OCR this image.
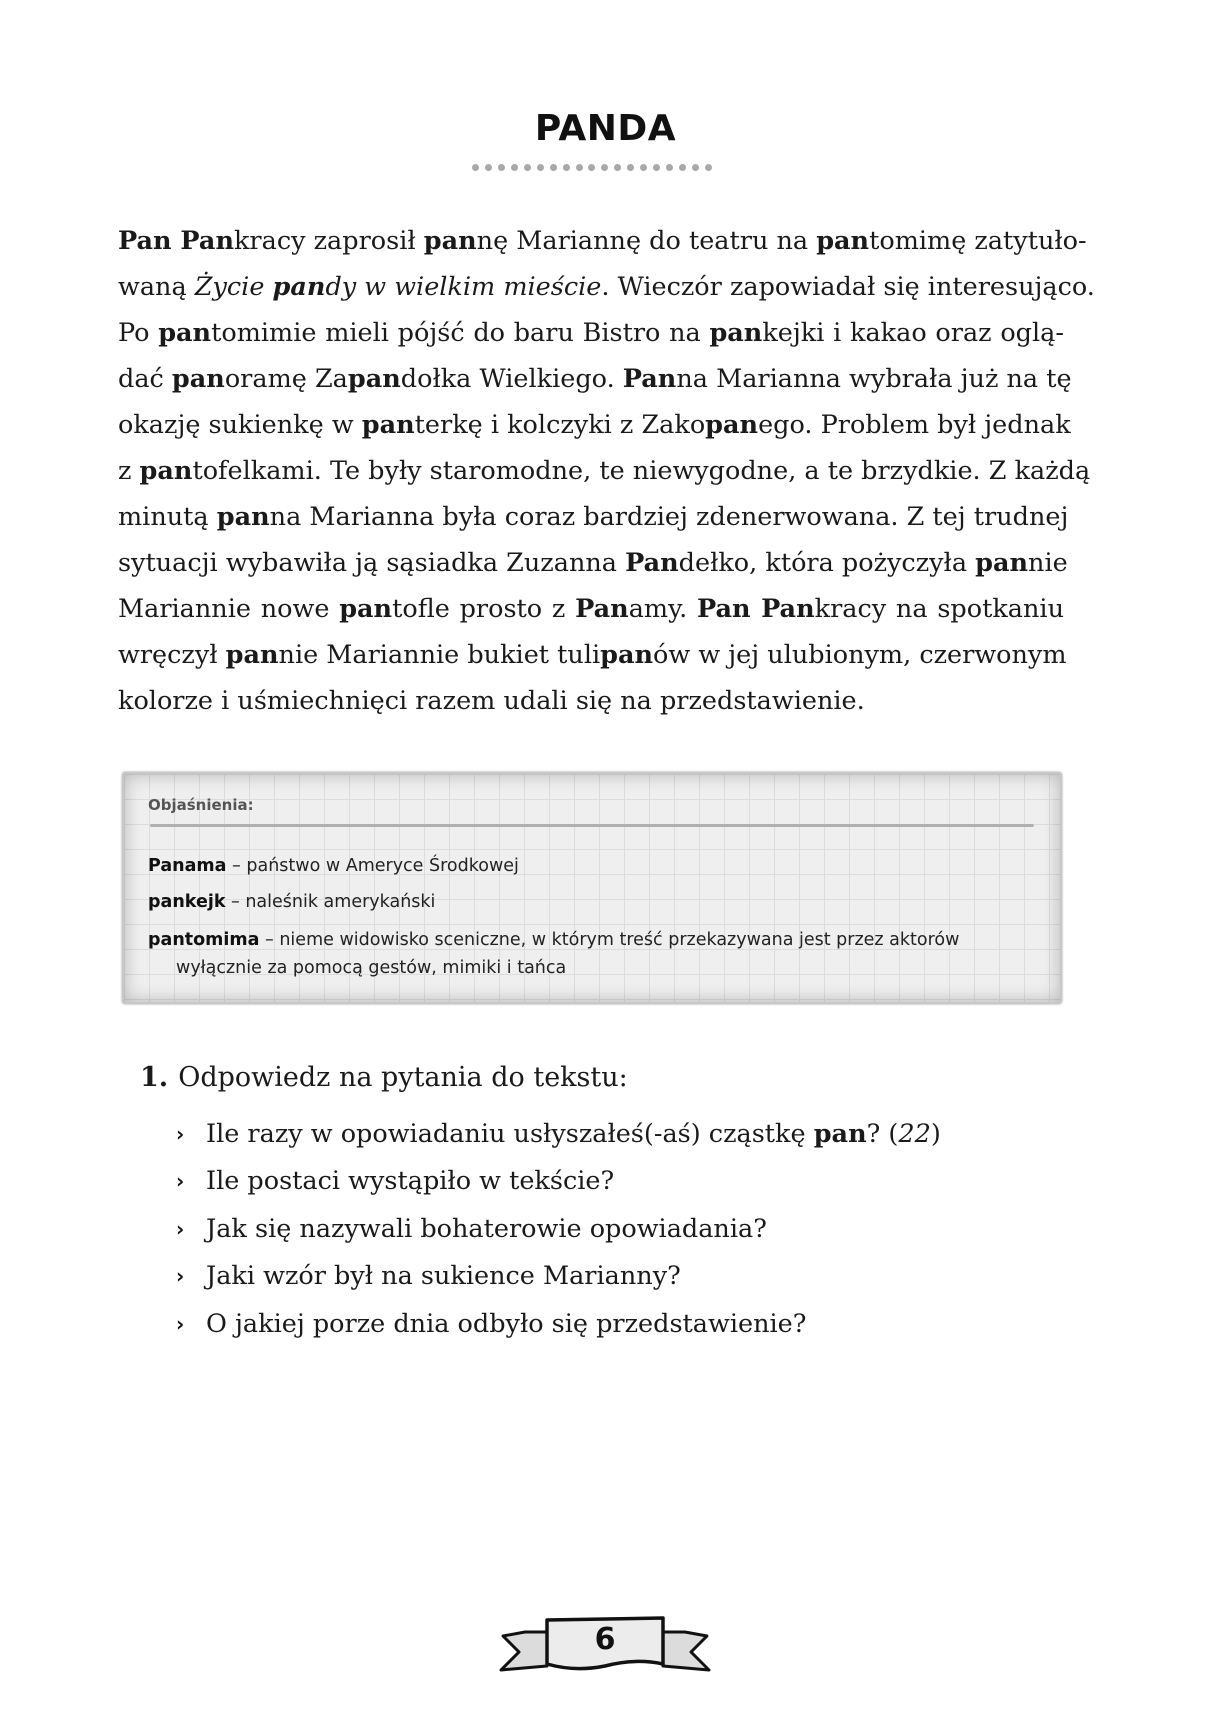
PANDA
Pan Pankracy zaprosił pannę Mariannę do teatru na pantomimę zatytuło-
waną Życie pandy w wielkim mieście. Wieczór zapowiadał się interesująco.
Po pantomimie mieli pójść do baru Bistro na pankejki i kakao oraz oglą-
dać panoramę Zapandołka Wielkiego. Panna Marianna wybrała już na tę
okazję sukienkę w panterkę i kolczyki z Zakopanego. Problem był jednak
z pantofelkami. Te były staromodne, te niewygodne, a te brzydkie. Z każdą
minutą panna Marianna była coraz bardziej zdenerwowana. Z tej trudnej
sytuacji wybawiła ją sąsiadka Zuzanna Pandełko, która pożyczyła pannie
Mariannie nowe pantofle prosto z Panamy. Pan Pankracy na spotkaniu
wręczył pannie Mariannie bukiet tulipanów w jej ulubionym, czerwonym
kolorze i uśmiechnięci razem udali się na przedstawienie.
Objaśnienia:
Panama – państwo w Ameryce Środkowej
pankejk – naleśnik amerykański
pantomima – nieme widowisko sceniczne, w którym treść przekazywana jest przez aktorów
wyłącznie za pomocą gestów, mimiki i tańca
1. Odpowiedz na pytania do tekstu:
› Ile razy w opowiadaniu usłyszałeś(-aś) cząstkę pan? (22)
› Ile postaci wystąpiło w tekście?
› Jak się nazywali bohaterowie opowiadania?
› Jaki wzór był na sukience Marianny?
› O jakiej porze dnia odbyło się przedstawienie?
6
